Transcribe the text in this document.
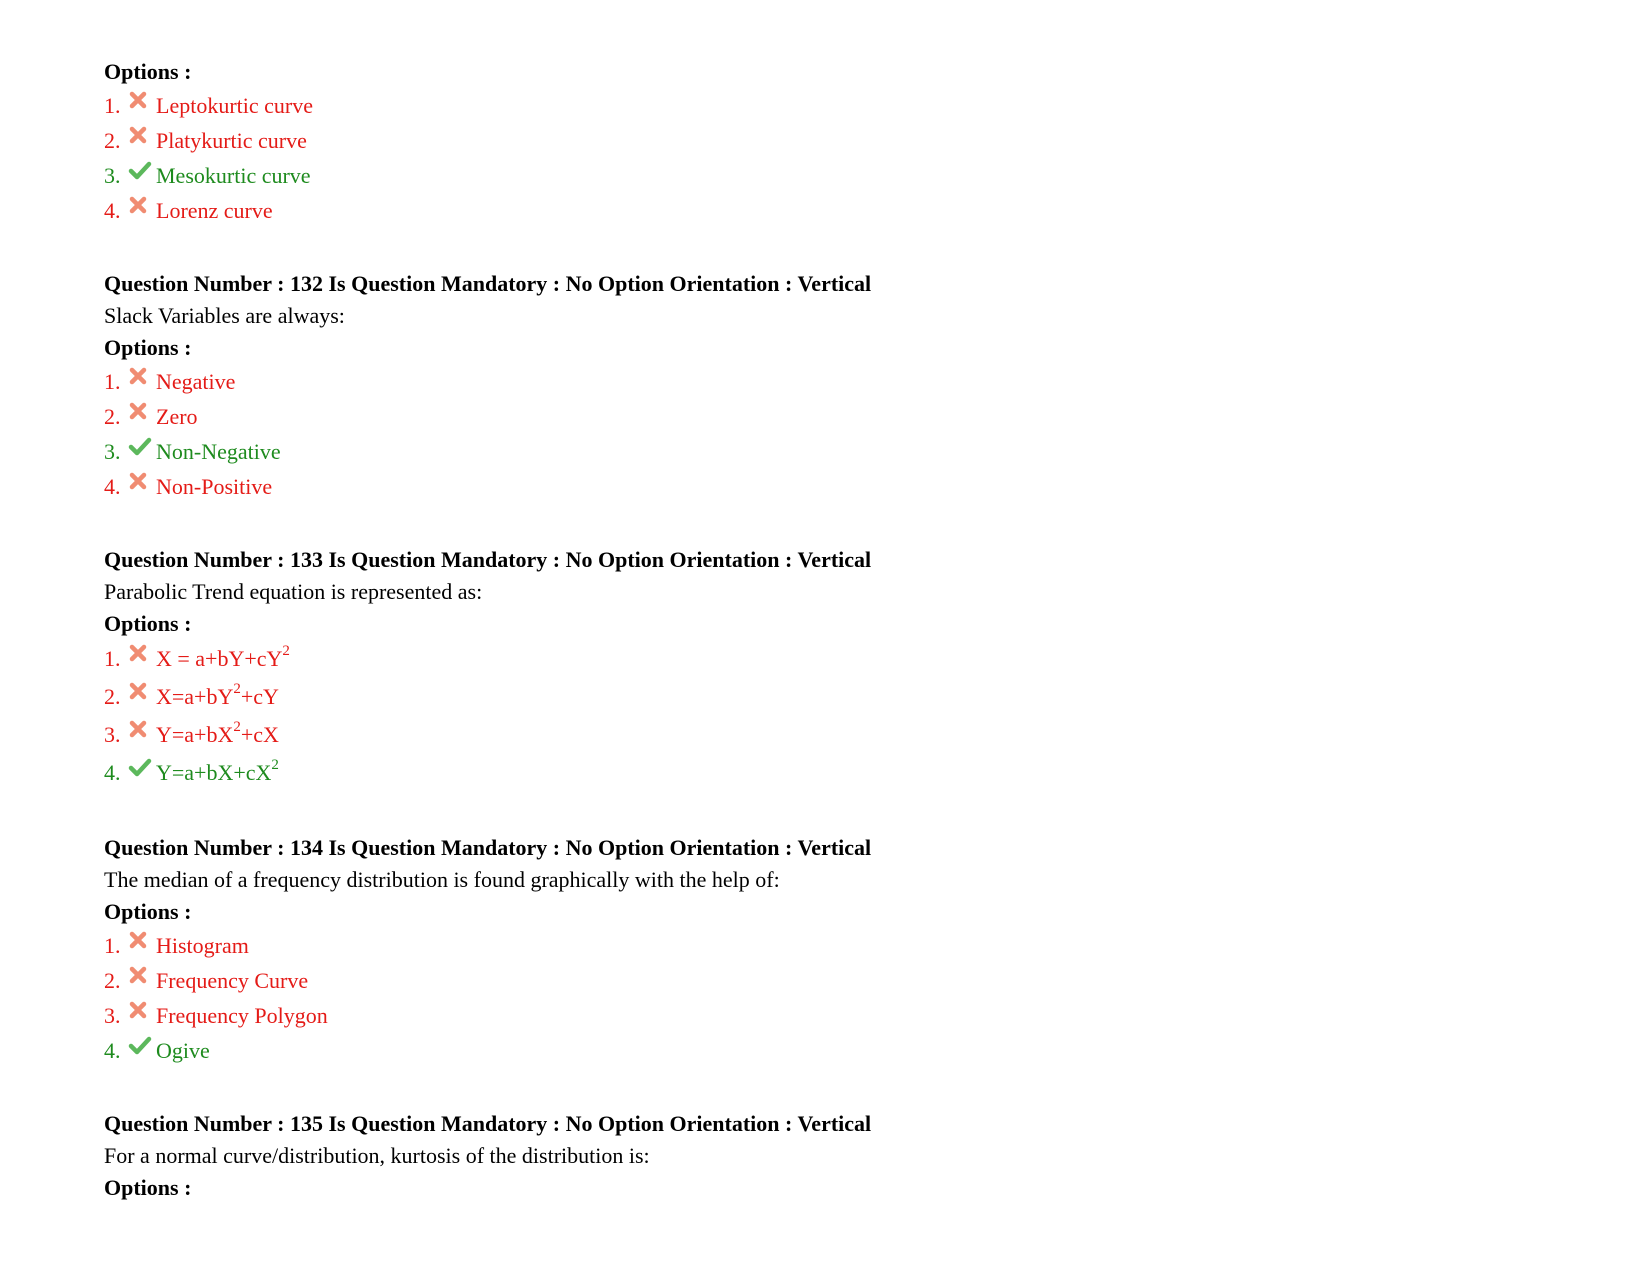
Options :
1.	Leptokurtic curve
2.	Platykurtic curve
3.	Mesokurtic curve
4.	Lorenz curve
Question Number : 132 Is Question Mandatory : No Option Orientation : Vertical
Slack Variables are always:
Options :
1.	Negative
2.	Zero
3.	Non-Negative
4.	Non-Positive
Question Number : 133 Is Question Mandatory : No Option Orientation : Vertical
Parabolic Trend equation is represented as:
Options :
1.	$X = a+bY+cY^2$
2.	$X=a+bY^2+cY$
3.	$Y=a+bX^2+cX$
4.	$Y=a+bX+cX^2$
Question Number : 134 Is Question Mandatory : No Option Orientation : Vertical
The median of a frequency distribution is found graphically with the help of:
Options :
1.	Histogram
2.	Frequency Curve
3.	Frequency Polygon
4.	Ogive
Question Number : 135 Is Question Mandatory : No Option Orientation : Vertical
For a normal curve/distribution, kurtosis of the distribution is:
Options :
